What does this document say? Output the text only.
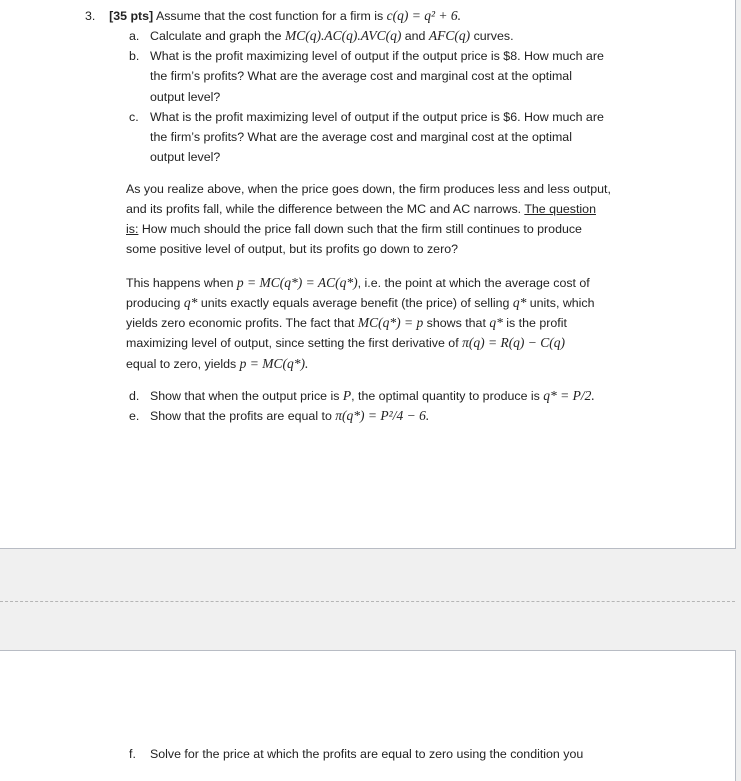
3. [35 pts] Assume that the cost function for a firm is c(q) = q² + 6.
a. Calculate and graph the MC(q).AC(q).AVC(q) and AFC(q) curves.
b. What is the profit maximizing level of output if the output price is $8. How much are
the firm’s profits? What are the average cost and marginal cost at the optimal
output level?
c. What is the profit maximizing level of output if the output price is $6. How much are
the firm’s profits? What are the average cost and marginal cost at the optimal
output level?
As you realize above, when the price goes down, the firm produces less and less output,
and its profits fall, while the difference between the MC and AC narrows. The question
is: How much should the price fall down such that the firm still continues to produce
some positive level of output, but its profits go down to zero?
This happens when p = MC(q*) = AC(q*), i.e. the point at which the average cost of
producing q* units exactly equals average benefit (the price) of selling q* units, which
yields zero economic profits. The fact that MC(q*) = p shows that q* is the profit
maximizing level of output, since setting the first derivative of π(q) = R(q) − C(q)
equal to zero, yields p = MC(q*).
d. Show that when the output price is P, the optimal quantity to produce is q* = P/2.
e. Show that the profits are equal to π(q*) = P²/4 − 6.
f. Solve for the price at which the profits are equal to zero using the condition you
